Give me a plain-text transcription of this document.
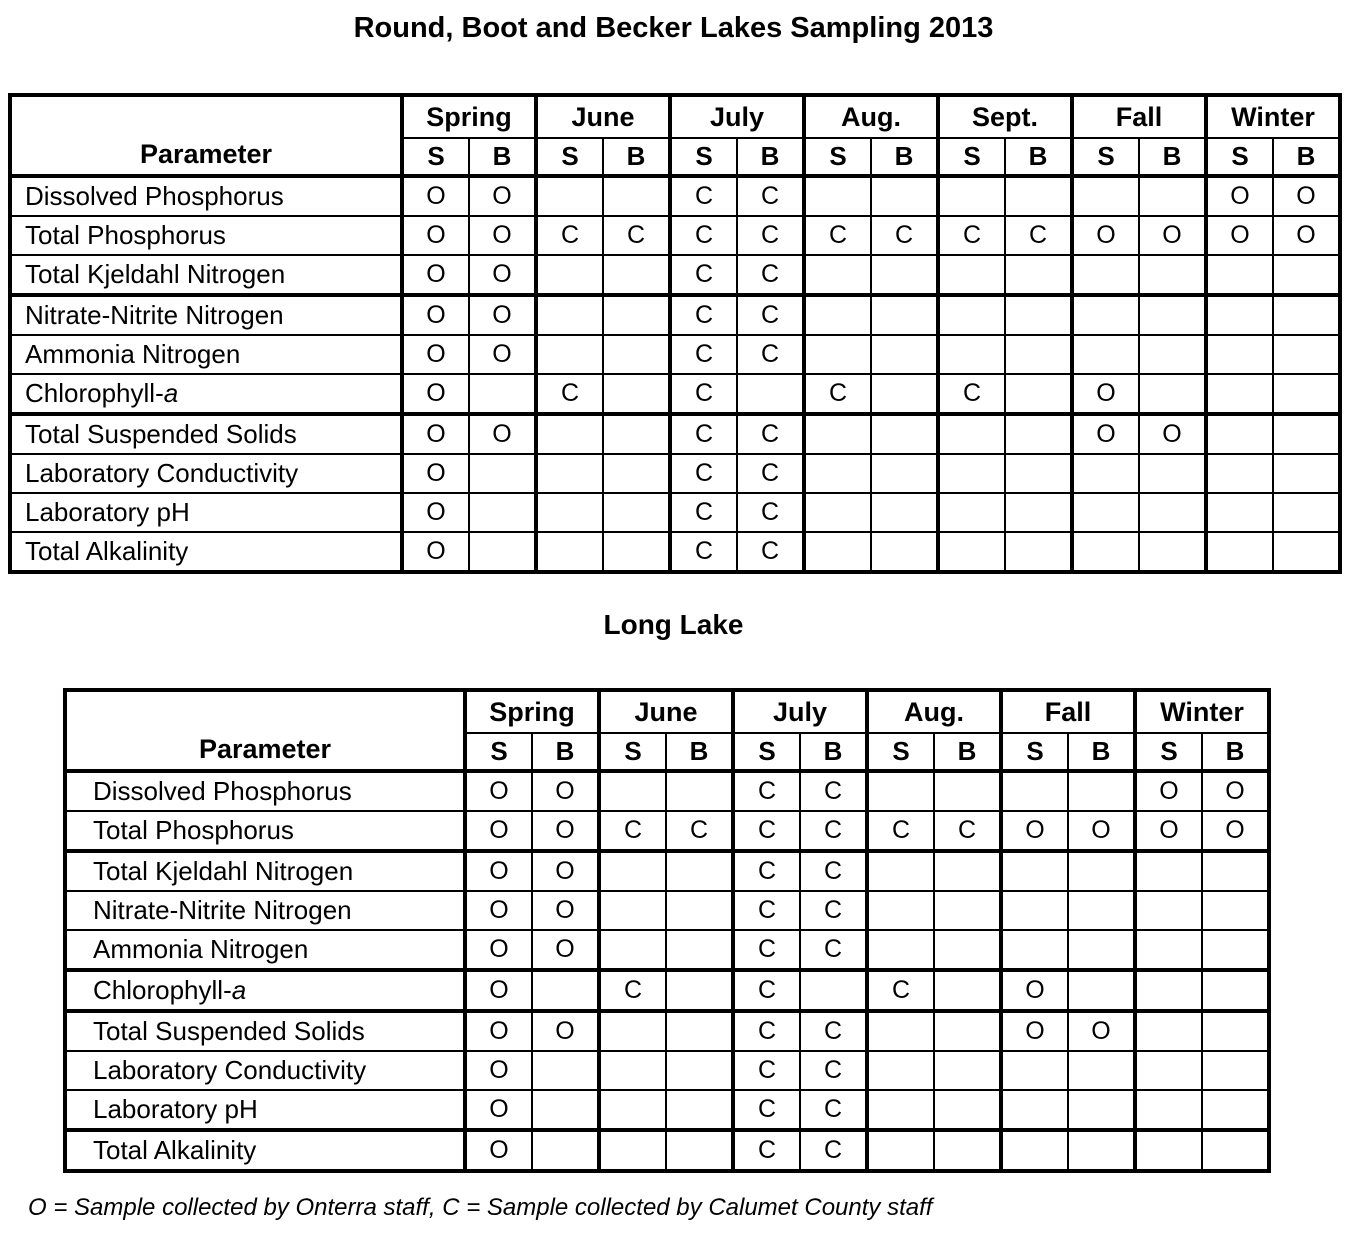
Round, Boot and Becker Lakes Sampling 2013
Parameter	Spring		June		July		Aug.		Sept.		Fall		Winter	
	S	B	S	B	S	B	S	B	S	B	S	B	S	B
Dissolved Phosphorus	O	O			C	C							O	O
Total Phosphorus	O	O	C	C	C	C	C	C	C	C	O	O	O	O
Total Kjeldahl Nitrogen	O	O			C	C								
Nitrate-Nitrite Nitrogen	O	O			C	C								
Ammonia Nitrogen	O	O			C	C								
Chlorophyll-a	O		C		C		C		C		O			
Total Suspended Solids	O	O			C	C					O	O		
Laboratory Conductivity	O				C	C								
Laboratory pH	O				C	C								
Total Alkalinity	O				C	C								
Long Lake
Parameter	Spring		June		July		Aug.		Fall		Winter	
	S	B	S	B	S	B	S	B	S	B	S	B
Dissolved Phosphorus	O	O			C	C					O	O
Total Phosphorus	O	O	C	C	C	C	C	C	O	O	O	O
Total Kjeldahl Nitrogen	O	O			C	C						
Nitrate-Nitrite Nitrogen	O	O			C	C						
Ammonia Nitrogen	O	O			C	C						
Chlorophyll-a	O		C		C		C		O			
Total Suspended Solids	O	O			C	C			O	O		
Laboratory Conductivity	O				C	C						
Laboratory pH	O				C	C						
Total Alkalinity	O				C	C						

O = Sample collected by Onterra staff, C = Sample collected by Calumet County staff
